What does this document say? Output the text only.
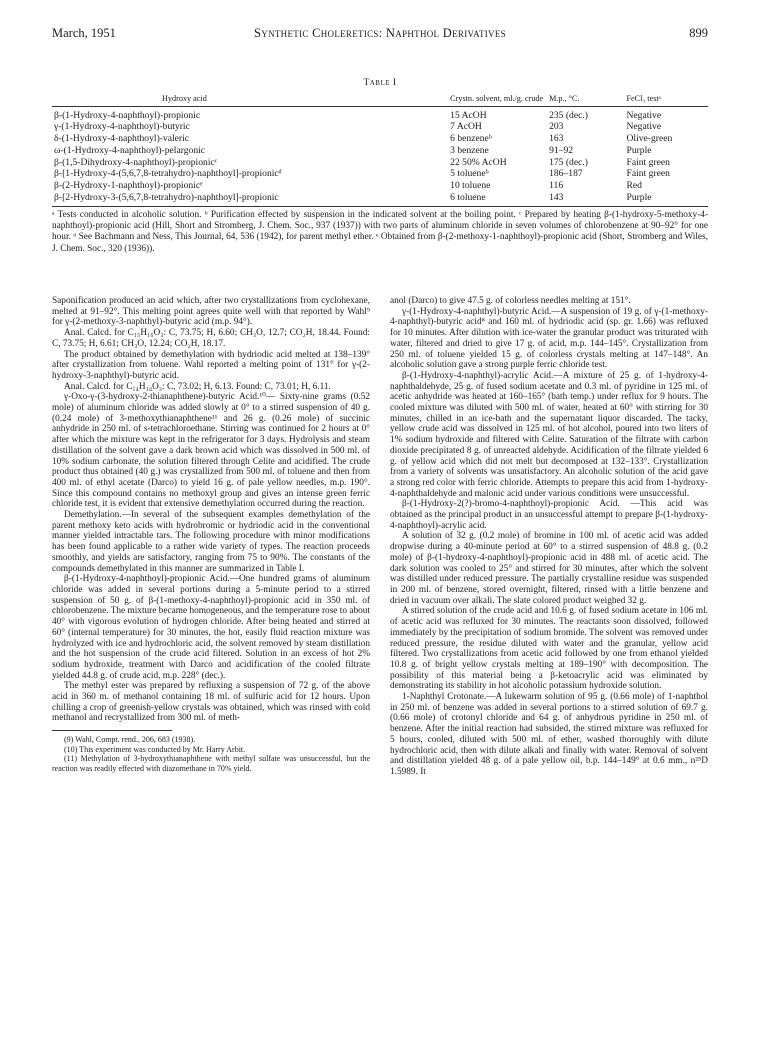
March, 1951	Synthetic Choleretics: Naphthol Derivatives	899
Table I
Hydroxy acid	Crystn. solvent, ml./g. crude	M.p., °C.	FeCl₃ testᵃ
β-(1-Hydroxy-4-naphthoyl)-propionic	15 AcOH	235 (dec.)	Negative
γ-(1-Hydroxy-4-naphthoyl)-butyric	7 AcOH	203	Negative
δ-(1-Hydroxy-4-naphthoyl)-valeric	6 benzeneᵇ	163	Olive-green
ω-(1-Hydroxy-4-naphthoyl)-pelargonic	3 benzene	91–92	Purple
β-(1,5-Dihydroxy-4-naphthoyl)-propionicᶜ	22 50% AcOH	175 (dec.)	Faint green
β-[1-Hydroxy-4-(5,6,7,8-tetrahydro)-naphthoyl]-propionicᵈ	5 tolueneᵇ	186–187	Faint green
β-(2-Hydroxy-1-naphthoyl)-propionicᵉ	10 toluene	116	Red
β-[2-Hydroxy-3-(5,6,7,8-tetrahydro)-naphthoyl]-propionic	6 toluene	143	Purple
ᵃ Tests conducted in alcoholic solution. ᵇ Purification effected by suspension in the indicated solvent at the boiling point. ᶜ Prepared by heating β-(1-hydroxy-5-methoxy-4-naphthoyl)-propionic acid (Hill, Short and Stromberg, J. Chem. Soc., 937 (1937)) with two parts of aluminum chloride in seven volumes of chlorobenzene at 90–92° for one hour. ᵈ See Bachmann and Ness, This Journal, 64, 536 (1942), for parent methyl ether. ᵉ Obtained from β-(2-methoxy-1-naphthoyl)-propionic acid (Short, Stromberg and Wiles, J. Chem. Soc., 320 (1936)).

Saponification produced an acid which, after two crystallizations from cyclohexane, melted at 91–92°. This melting point agrees quite well with that reported by Wahl⁹ for γ-(2-methoxy-3-naphthyl)-butyric acid (m.p. 94°).

Anal. Calcd. for C₁₅H₁₆O₃: C, 73.75; H, 6.60; CH₃O, 12.7; CO₂H, 18.44. Found: C, 73.75; H, 6.61; CH₃O, 12.24; CO₂H, 18.17.

The product obtained by demethylation with hydriodic acid melted at 138–139° after crystallization from toluene. Wahl reported a melting point of 131° for γ-(2-hydroxy-3-naphthyl)-butyric acid.

Anal. Calcd. for C₁₄H₁₄O₃: C, 73.02; H, 6.13. Found: C, 73.01; H, 6.11.

γ-Oxo-γ-(3-hydroxy-2-thianaphthene)-butyric Acid.¹⁰— Sixty-nine grams (0.52 mole) of aluminum chloride was added slowly at 0° to a stirred suspension of 40 g. (0.24 mole) of 3-methoxythianaphthene¹¹ and 26 g. (0.26 mole) of succinic anhydride in 250 ml. of s-tetrachloroethane. Stirring was continued for 2 hours at 0° after which the mixture was kept in the refrigerator for 3 days. Hydrolysis and steam distillation of the solvent gave a dark brown acid which was dissolved in 500 ml. of 10% sodium carbonate, the solution filtered through Celite and acidified. The crude product thus obtained (40 g.) was crystallized from 500 ml. of toluene and then from 400 ml. of ethyl acetate (Darco) to yield 16 g. of pale yellow needles, m.p. 190°. Since this compound contains no methoxyl group and gives an intense green ferric chloride test, it is evident that extensive demethylation occurred during the reaction.

Demethylation.—In several of the subsequent examples demethylation of the parent methoxy keto acids with hydrobromic or hydriodic acid in the conventional manner yielded intractable tars. The following procedure with minor modifications has been found applicable to a rather wide variety of types. The reaction proceeds smoothly, and yields are satisfactory, ranging from 75 to 90%. The constants of the compounds demethylated in this manner are summarized in Table I.

β-(1-Hydroxy-4-naphthoyl)-propionic Acid.—One hundred grams of aluminum chloride was added in several portions during a 5-minute period to a stirred suspension of 50 g. of β-(1-methoxy-4-naphthoyl)-propionic acid in 350 ml. of chlorobenzene. The mixture became homogeneous, and the temperature rose to about 40° with vigorous evolution of hydrogen chloride. After being heated and stirred at 60° (internal temperature) for 30 minutes, the hot, easily fluid reaction mixture was hydrolyzed with ice and hydrochloric acid, the solvent removed by steam distillation and the hot suspension of the crude acid filtered. Solution in an excess of hot 2% sodium hydroxide, treatment with Darco and acidification of the cooled filtrate yielded 44.8 g. of crude acid, m.p. 228° (dec.).

The methyl ester was prepared by refluxing a suspension of 72 g. of the above acid in 360 m. of methanol containing 18 ml. of sulfuric acid for 12 hours. Upon chilling a crop of greenish-yellow crystals was obtained, which was rinsed with cold methanol and recrystallized from 300 ml. of meth-

(9) Wahl, Compt. rend., 206, 683 (1938).

(10) This experiment was conducted by Mr. Harry Arbit.

(11) Methylation of 3-hydroxythianaphthene with methyl sulfate was unsuccessful, but the reaction was readily effected with diazomethane in 70% yield.

anol (Darco) to give 47.5 g. of colorless needles melting at 151°.

γ-(1-Hydroxy-4-naphthyl)-butyric Acid.—A suspension of 19 g. of γ-(1-methoxy-4-naphthyl)-butyric acid⁸ and 160 ml. of hydriodic acid (sp. gr. 1.66) was refluxed for 10 minutes. After dilution with ice-water the granular product was triturated with water, filtered and dried to give 17 g. of acid, m.p. 144–145°. Crystallization from 250 ml. of toluene yielded 15 g. of colorless crystals melting at 147–148°. An alcoholic solution gave a strong purple ferric chloride test.

β-(1-Hydroxy-4-naphthyl)-acrylic Acid.—A mixture of 25 g. of 1-hydroxy-4-naphthaldehyde, 25 g. of fused sodium acetate and 0.3 ml. of pyridine in 125 ml. of acetic anhydride was heated at 160–165° (bath temp.) under reflux for 9 hours. The cooled mixture was diluted with 500 ml. of water, heated at 60° with stirring for 30 minutes, chilled in an ice-bath and the supernatant liquor discarded. The tacky, yellow crude acid was dissolved in 125 ml. of hot alcohol, poured into two liters of 1% sodium hydroxide and filtered with Celite. Saturation of the filtrate with carbon dioxide precipitated 8 g. of unreacted aldehyde. Acidification of the filtrate yielded 6 g. of yellow acid which did not melt but decomposed at 132–133°. Crystallization from a variety of solvents was unsatisfactory. An alcoholic solution of the acid gave a strong red color with ferric chloride. Attempts to prepare this acid from 1-hydroxy-4-naphthaldehyde and malonic acid under various conditions were unsuccessful.

β-(1-Hydroxy-2(?)-bromo-4-naphthoyl)-propionic Acid. —This acid was obtained as the principal product in an unsuccessful attempt to prepare β-(1-hydroxy-4-naphthoyl)-acrylic acid.

A solution of 32 g. (0.2 mole) of bromine in 100 ml. of acetic acid was added dropwise during a 40-minute period at 60° to a stirred suspension of 48.8 g. (0.2 mole) of β-(1-hydroxy-4-naphthoyl)-propionic acid in 488 ml. of acetic acid. The dark solution was cooled to 25° and stirred for 30 minutes, after which the solvent was distilled under reduced pressure. The partially crystalline residue was suspended in 200 ml. of benzene, stored overnight, filtered, rinsed with a little benzene and dried in vacuum over alkali. The slate colored product weighed 32 g.

A stirred solution of the crude acid and 10.6 g. of fused sodium acetate in 106 ml. of acetic acid was refluxed for 30 minutes. The reactants soon dissolved, followed immediately by the precipitation of sodium bromide. The solvent was removed under reduced pressure, the residue diluted with water and the granular, yellow acid filtered. Two crystallizations from acetic acid followed by one from ethanol yielded 10.8 g. of bright yellow crystals melting at 189–190° with decomposition. The possibility of this material being a β-ketoacrylic acid was eliminated by demonstrating its stability in hot alcoholic potassium hydroxide solution.

1-Naphthyl Crotonate.—A lukewarm solution of 95 g. (0.66 mole) of 1-naphthol in 250 ml. of benzene was added in several portions to a stirred solution of 69.7 g. (0.66 mole) of crotonyl chloride and 64 g. of anhydrous pyridine in 250 ml. of benzene. After the initial reaction had subsided, the stirred mixture was refluxed for 5 hours, cooled, diluted with 500 ml. of ether, washed thoroughly with dilute hydrochloric acid, then with dilute alkali and finally with water. Removal of solvent and distillation yielded 48 g. of a pale yellow oil, b.p. 144–149° at 0.6 mm., n²⁵D 1.5989. It
